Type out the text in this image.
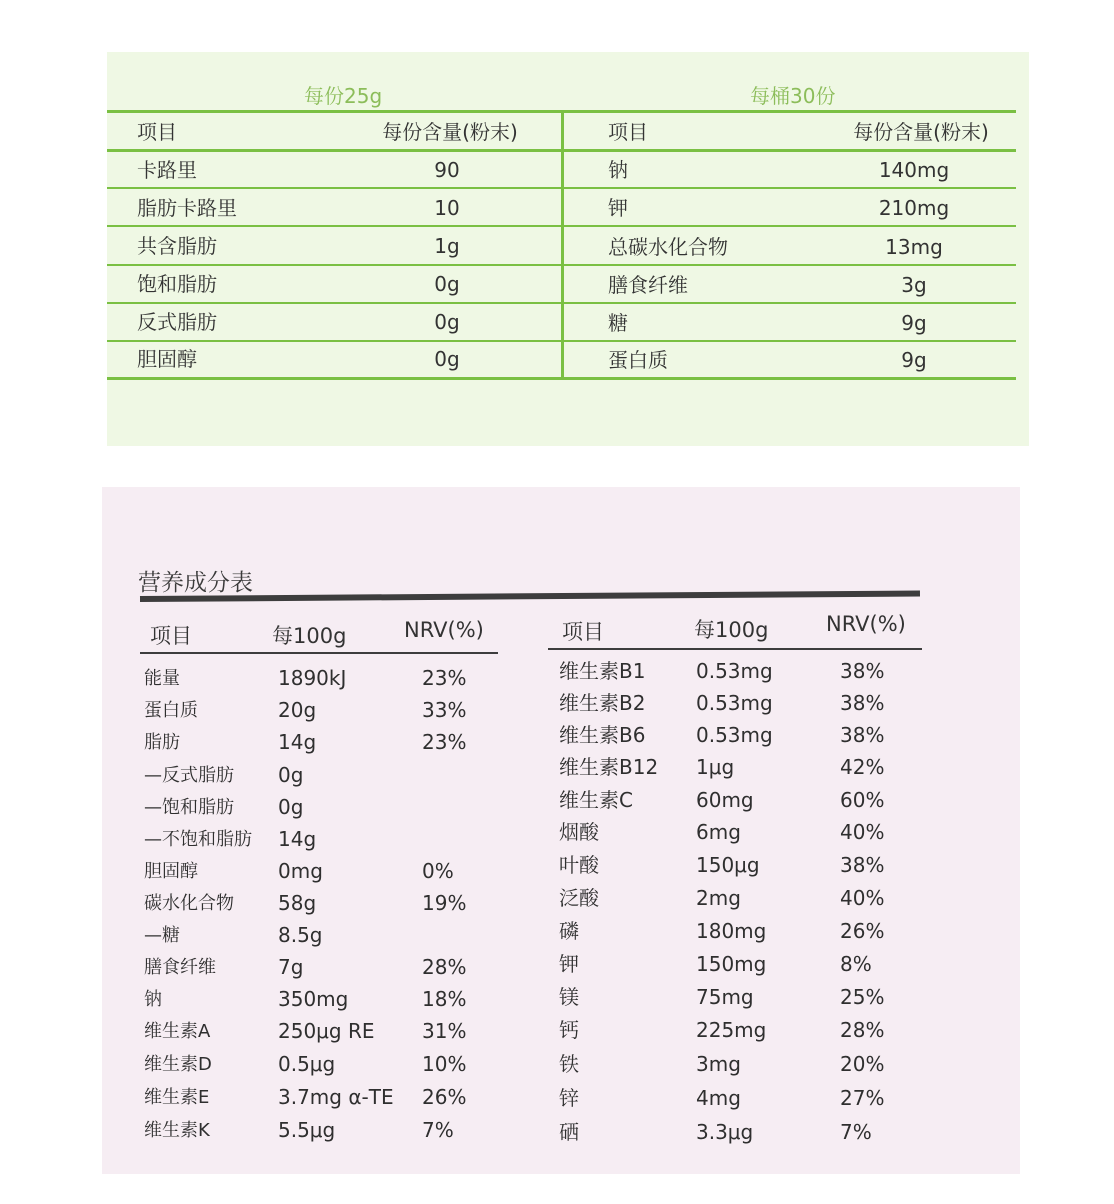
每份25g	每桶30份
项目	每份含量(粉末)	项目	每份含量(粉末)
卡路里	90
脂肪卡路里	10
共含脂肪	1g
饱和脂肪	0g
反式脂肪	0g
胆固醇	0g
钠	140mg
钾	210mg
总碳水化合物	13mg
膳食纤维	3g
糖	9g
蛋白质	9g
营养成分表
项目	每100g	NRV(%)	项目	每100g	NRV(%)
能量	1890kJ	23%
蛋白质	20g	33%
脂肪	14g	23%
—反式脂肪 0g
—饱和脂肪 0g
—不饱和脂肪 14g
胆固醇	0mg	0%
碳水化合物 58g	19%
—糖	8.5g
膳食纤维	7g	28%
钠	350mg	18%
维生素A	250μg RE 31%
维生素D	0.5μg	10%
维生素E	3.7mg α-TE 26%
维生素K	5.5μg	7%
维生素B1	0.53mg	38%
维生素B2	0.53mg	38%
维生素B6	0.53mg	38%
维生素B12 1μg	42%
维生素C	60mg	60%
烟酸	6mg	40%
叶酸	150μg	38%
泛酸	2mg	40%
磷	180mg	26%
钾	150mg	8%
镁	75mg	25%
钙	225mg	28%
铁	3mg	20%
锌	4mg	27%
硒	3.3μg	7%
